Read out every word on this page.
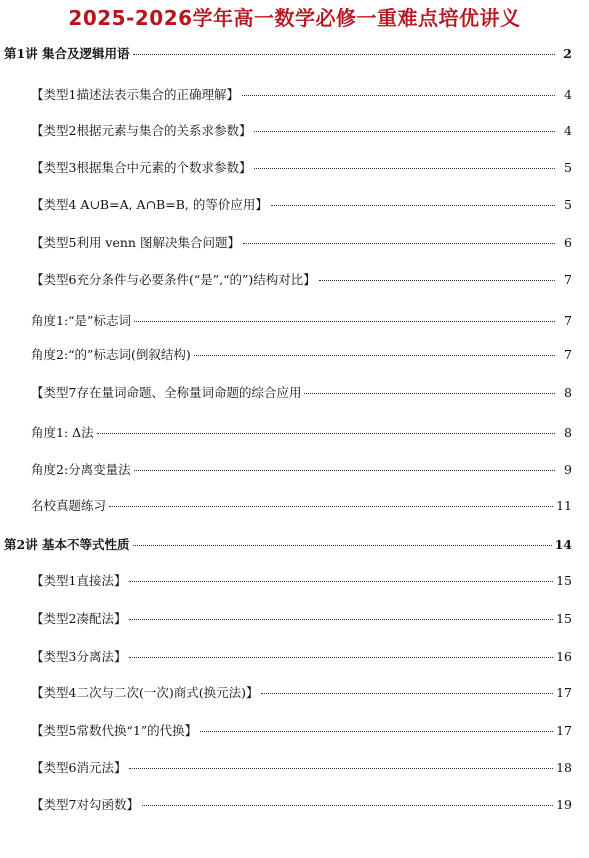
2025-2026学年高一数学必修一重难点培优讲义
第1讲 集合及逻辑用语	2
【类型1描述法表示集合的正确理解】	4
【类型2根据元素与集合的关系求参数】	4
【类型3根据集合中元素的个数求参数】	5
【类型4 A∪B=A, A∩B=B, 的等价应用】	5
【类型5利用 venn 图解决集合问题】	6
【类型6充分条件与必要条件(“是”,“的”)结构对比】	7
角度1:“是”标志词	7
角度2:“的”标志词(倒叙结构)	7
【类型7存在量词命题、全称量词命题的综合应用	8
角度1: Δ法	8
角度2:分离变量法	9
名校真题练习	11
第2讲 基本不等式性质	14
【类型1直接法】	15
【类型2凑配法】	15
【类型3分离法】	16
【类型4二次与二次(一次)商式(换元法)】	17
【类型5常数代换“1”的代换】	17
【类型6消元法】	18
【类型7对勾函数】	19
